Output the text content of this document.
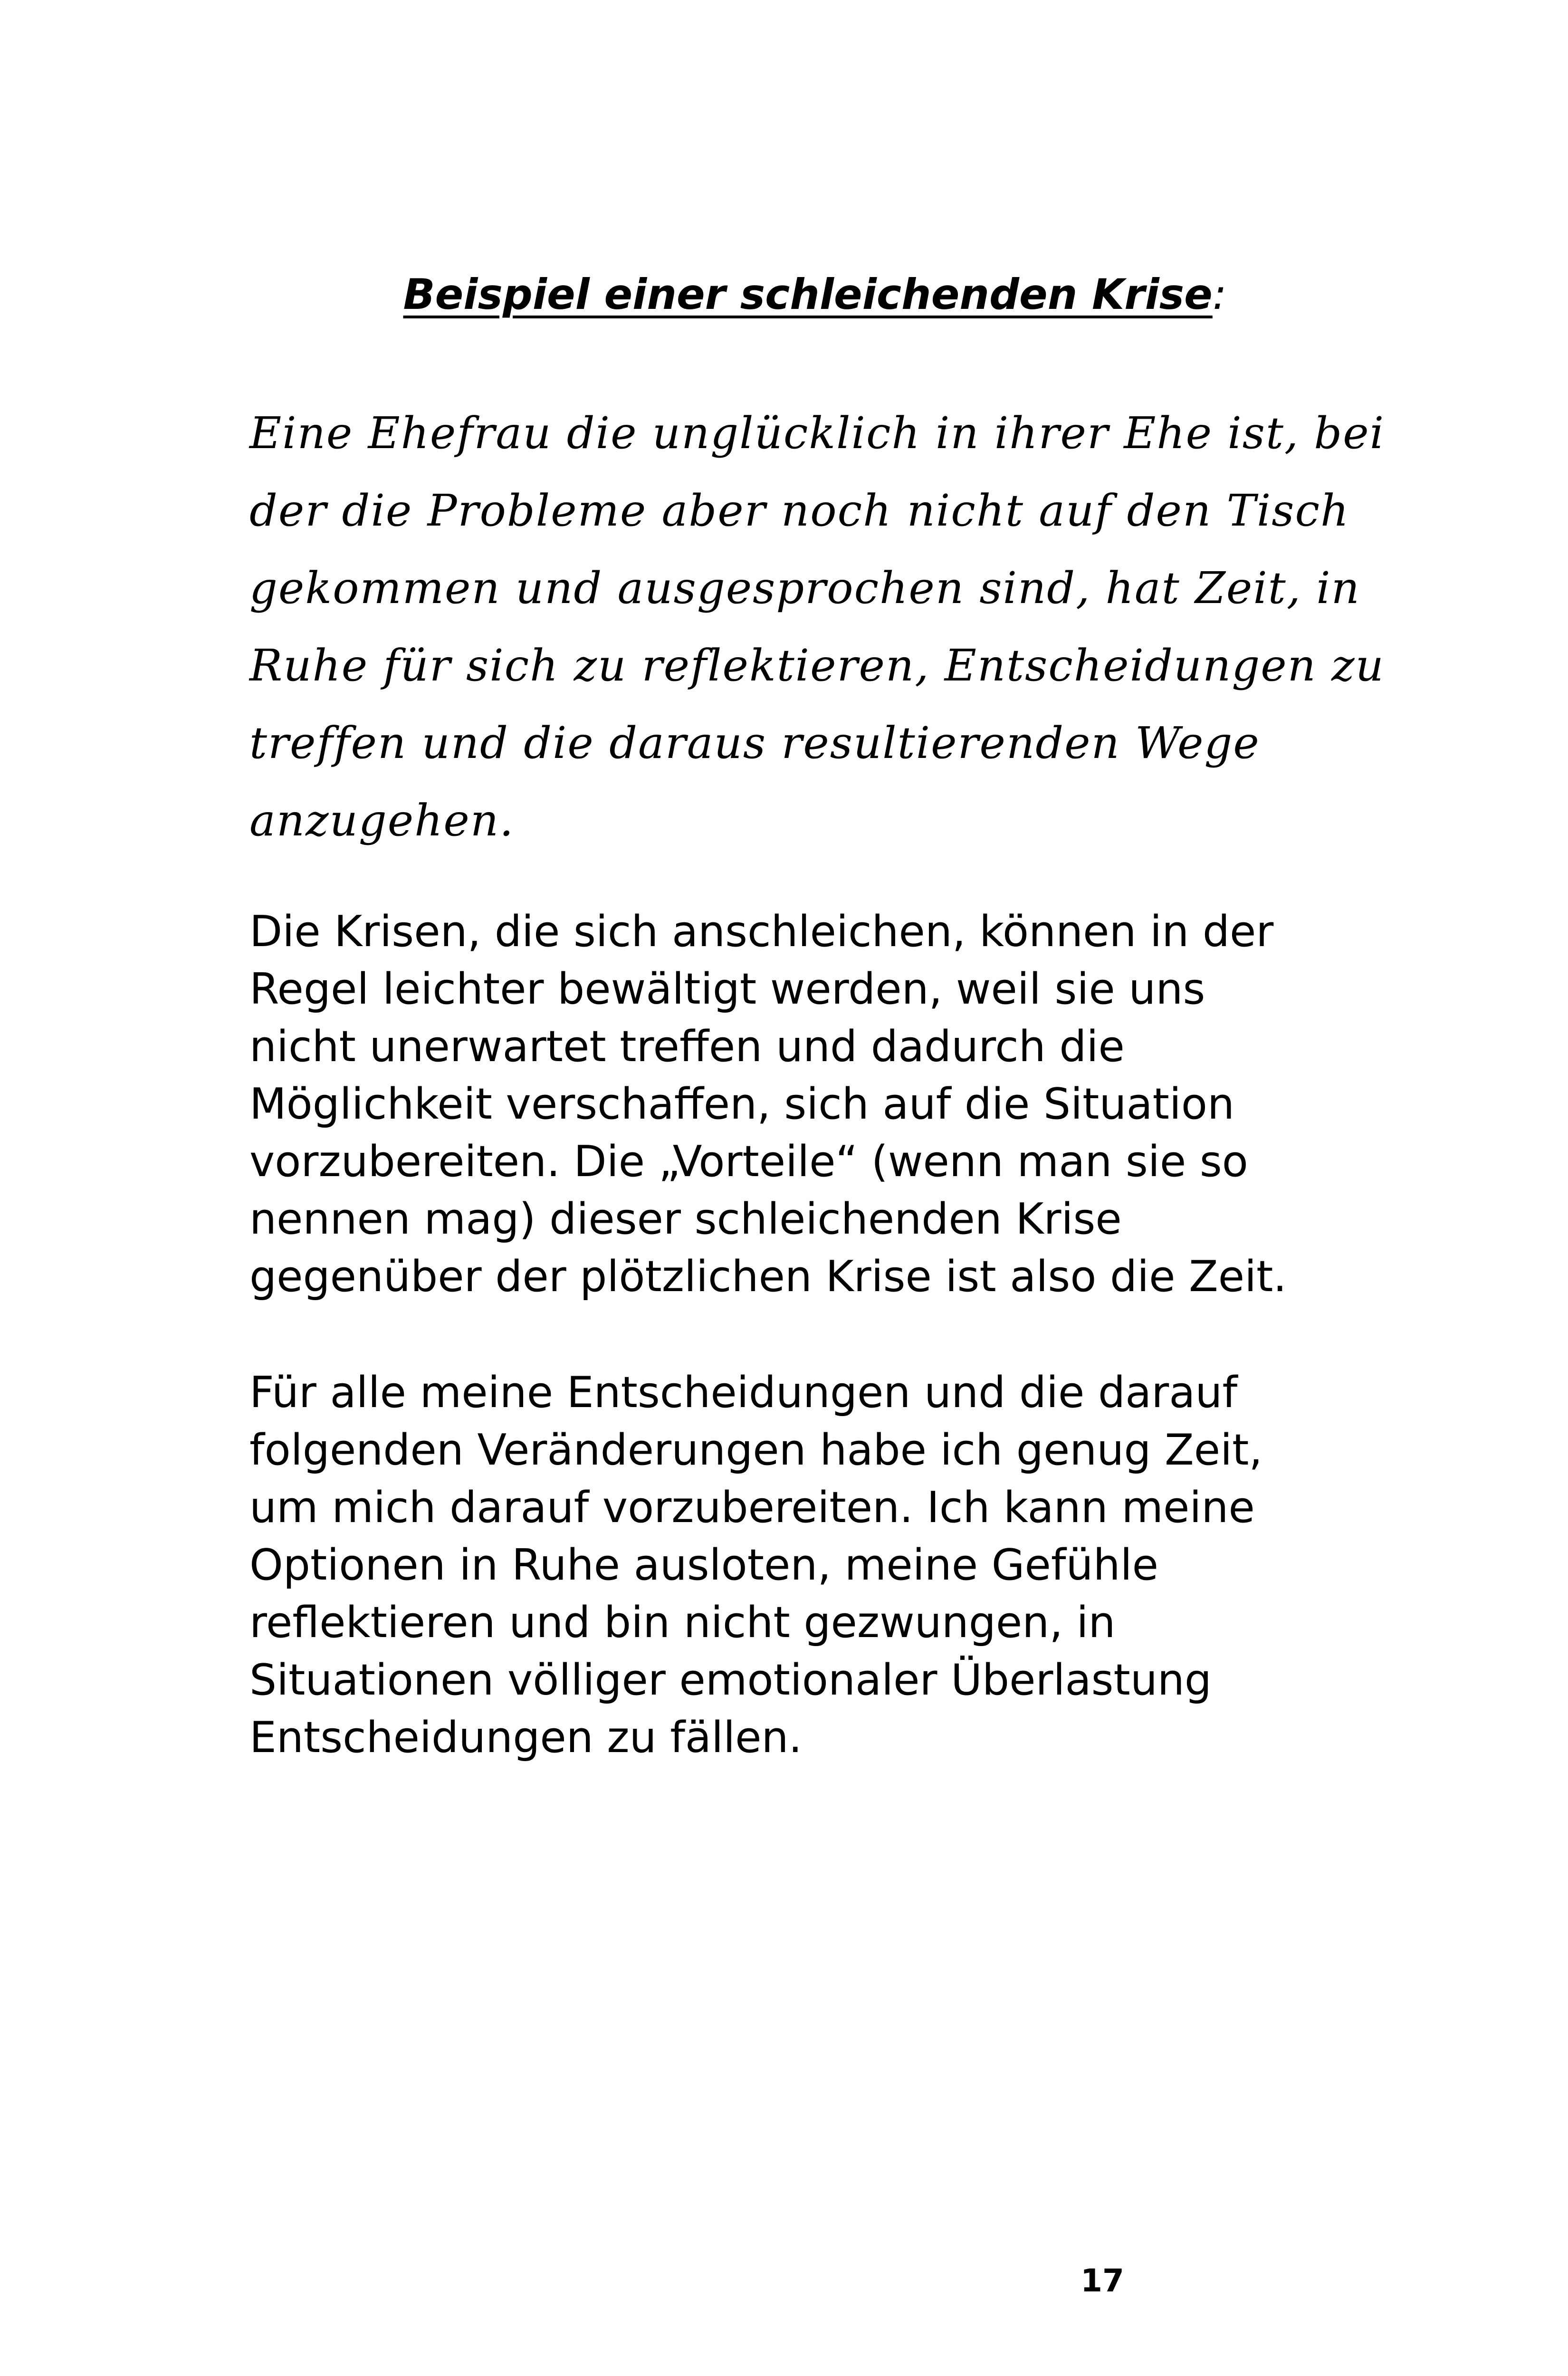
Beispiel einer schleichenden Krise:
Eine Ehefrau die unglücklich in ihrer Ehe ist, bei
der die Probleme aber noch nicht auf den Tisch
gekommen und ausgesprochen sind, hat Zeit, in
Ruhe für sich zu reflektieren, Entscheidungen zu
treffen und die daraus resultierenden Wege
anzugehen.
Die Krisen, die sich anschleichen, können in der
Regel leichter bewältigt werden, weil sie uns
nicht unerwartet treffen und dadurch die
Möglichkeit verschaffen, sich auf die Situation
vorzubereiten. Die „Vorteile“ (wenn man sie so
nennen mag) dieser schleichenden Krise
gegenüber der plötzlichen Krise ist also die Zeit.
Für alle meine Entscheidungen und die darauf
folgenden Veränderungen habe ich genug Zeit,
um mich darauf vorzubereiten. Ich kann meine
Optionen in Ruhe ausloten, meine Gefühle
reflektieren und bin nicht gezwungen, in
Situationen völliger emotionaler Überlastung
Entscheidungen zu fällen.
17
